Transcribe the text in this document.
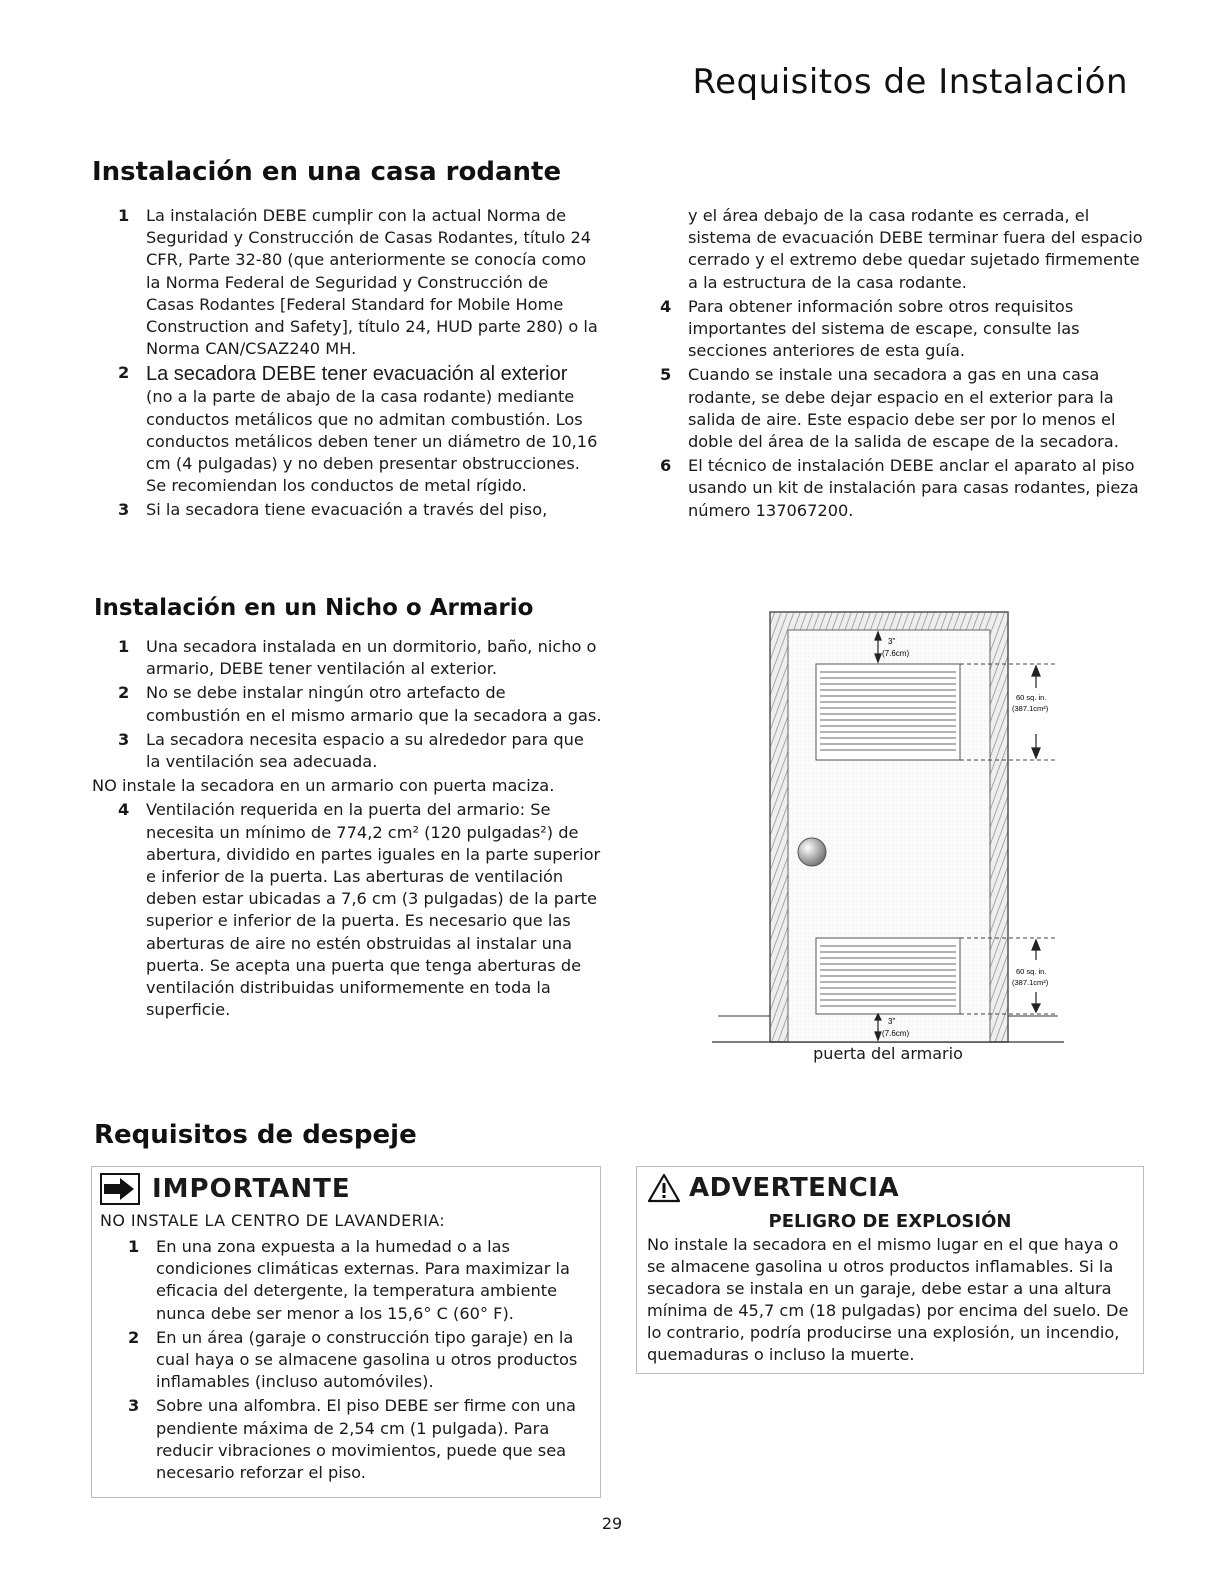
Requisitos de Instalación
Instalación en una casa rodante
1	La instalación DEBE cumplir con la actual Norma de Seguridad y Construcción de Casas Rodantes, título 24 CFR, Parte 32-80 (que anteriormente se conocía como la Norma Federal de Seguridad y Construcción de Casas Rodantes [Federal Standard for Mobile Home Construction and Safety], título 24, HUD parte 280) o la Norma CAN/CSAZ240 MH.
2 La secadora DEBE tener evacuación al exterior
(no a la parte de abajo de la casa rodante) mediante conductos metálicos que no admitan combustión. Los conductos metálicos deben tener un diámetro de 10,16 cm (4 pulgadas) y no deben presentar obstrucciones. Se recomiendan los conductos de metal rígido.
3	Si la secadora tiene evacuación a través del piso,
y el área debajo de la casa rodante es cerrada, el sistema de evacuación DEBE terminar fuera del espacio cerrado y el extremo debe quedar sujetado firmemente a la estructura de la casa rodante.
4	Para obtener información sobre otros requisitos importantes del sistema de escape, consulte las secciones anteriores de esta guía.
5	Cuando se instale una secadora a gas en una casa rodante, se debe dejar espacio en el exterior para la salida de aire. Este espacio debe ser por lo menos el doble del área de la salida de escape de la secadora.
6	El técnico de instalación DEBE anclar el aparato al piso usando un kit de instalación para casas rodantes, pieza número 137067200.
Instalación en un Nicho o Armario
1	Una secadora instalada en un dormitorio, baño, nicho o armario, DEBE tener ventilación al exterior.
2	No se debe instalar ningún otro artefacto de combustión en el mismo armario que la secadora a gas.
3	La secadora necesita espacio a su alrededor para que la ventilación sea adecuada.
NO instale la secadora en un armario con puerta maciza.
4	Ventilación requerida en la puerta del armario: Se necesita un mínimo de 774,2 cm² (120 pulgadas²) de abertura, dividido en partes iguales en la parte superior e inferior de la puerta. Las aberturas de ventilación deben estar ubicadas a 7,6 cm (3 pulgadas) de la parte superior e inferior de la puerta. Es necesario que las aberturas de aire no estén obstruidas al instalar una puerta. Se acepta una puerta que tenga aberturas de ventilación distribuidas uniformemente en toda la superficie.
3"
(7.6cm)
60 sq. in.
(387.1cm²)
60 sq. in.
(387.1cm²)
3"
(7.6cm)
puerta del armario
Requisitos de despeje
IMPORTANTE
NO INSTALE LA CENTRO DE LAVANDERIA:
1	En una zona expuesta a la humedad o a las condiciones climáticas externas. Para maximizar la eficacia del detergente, la temperatura ambiente nunca debe ser menor a los 15,6° C (60° F).
2	En un área (garaje o construcción tipo garaje) en la cual haya o se almacene gasolina u otros productos inflamables (incluso automóviles).
3	Sobre una alfombra. El piso DEBE ser firme con una pendiente máxima de 2,54 cm (1 pulgada). Para reducir vibraciones o movimientos, puede que sea necesario reforzar el piso.
ADVERTENCIA
PELIGRO DE EXPLOSIÓN
No instale la secadora en el mismo lugar en el que haya o se almacene gasolina u otros productos inflamables. Si la secadora se instala en un garaje, debe estar a una altura mínima de 45,7 cm (18 pulgadas) por encima del suelo. De lo contrario, podría producirse una explosión, un incendio, quemaduras o incluso la muerte.
29
